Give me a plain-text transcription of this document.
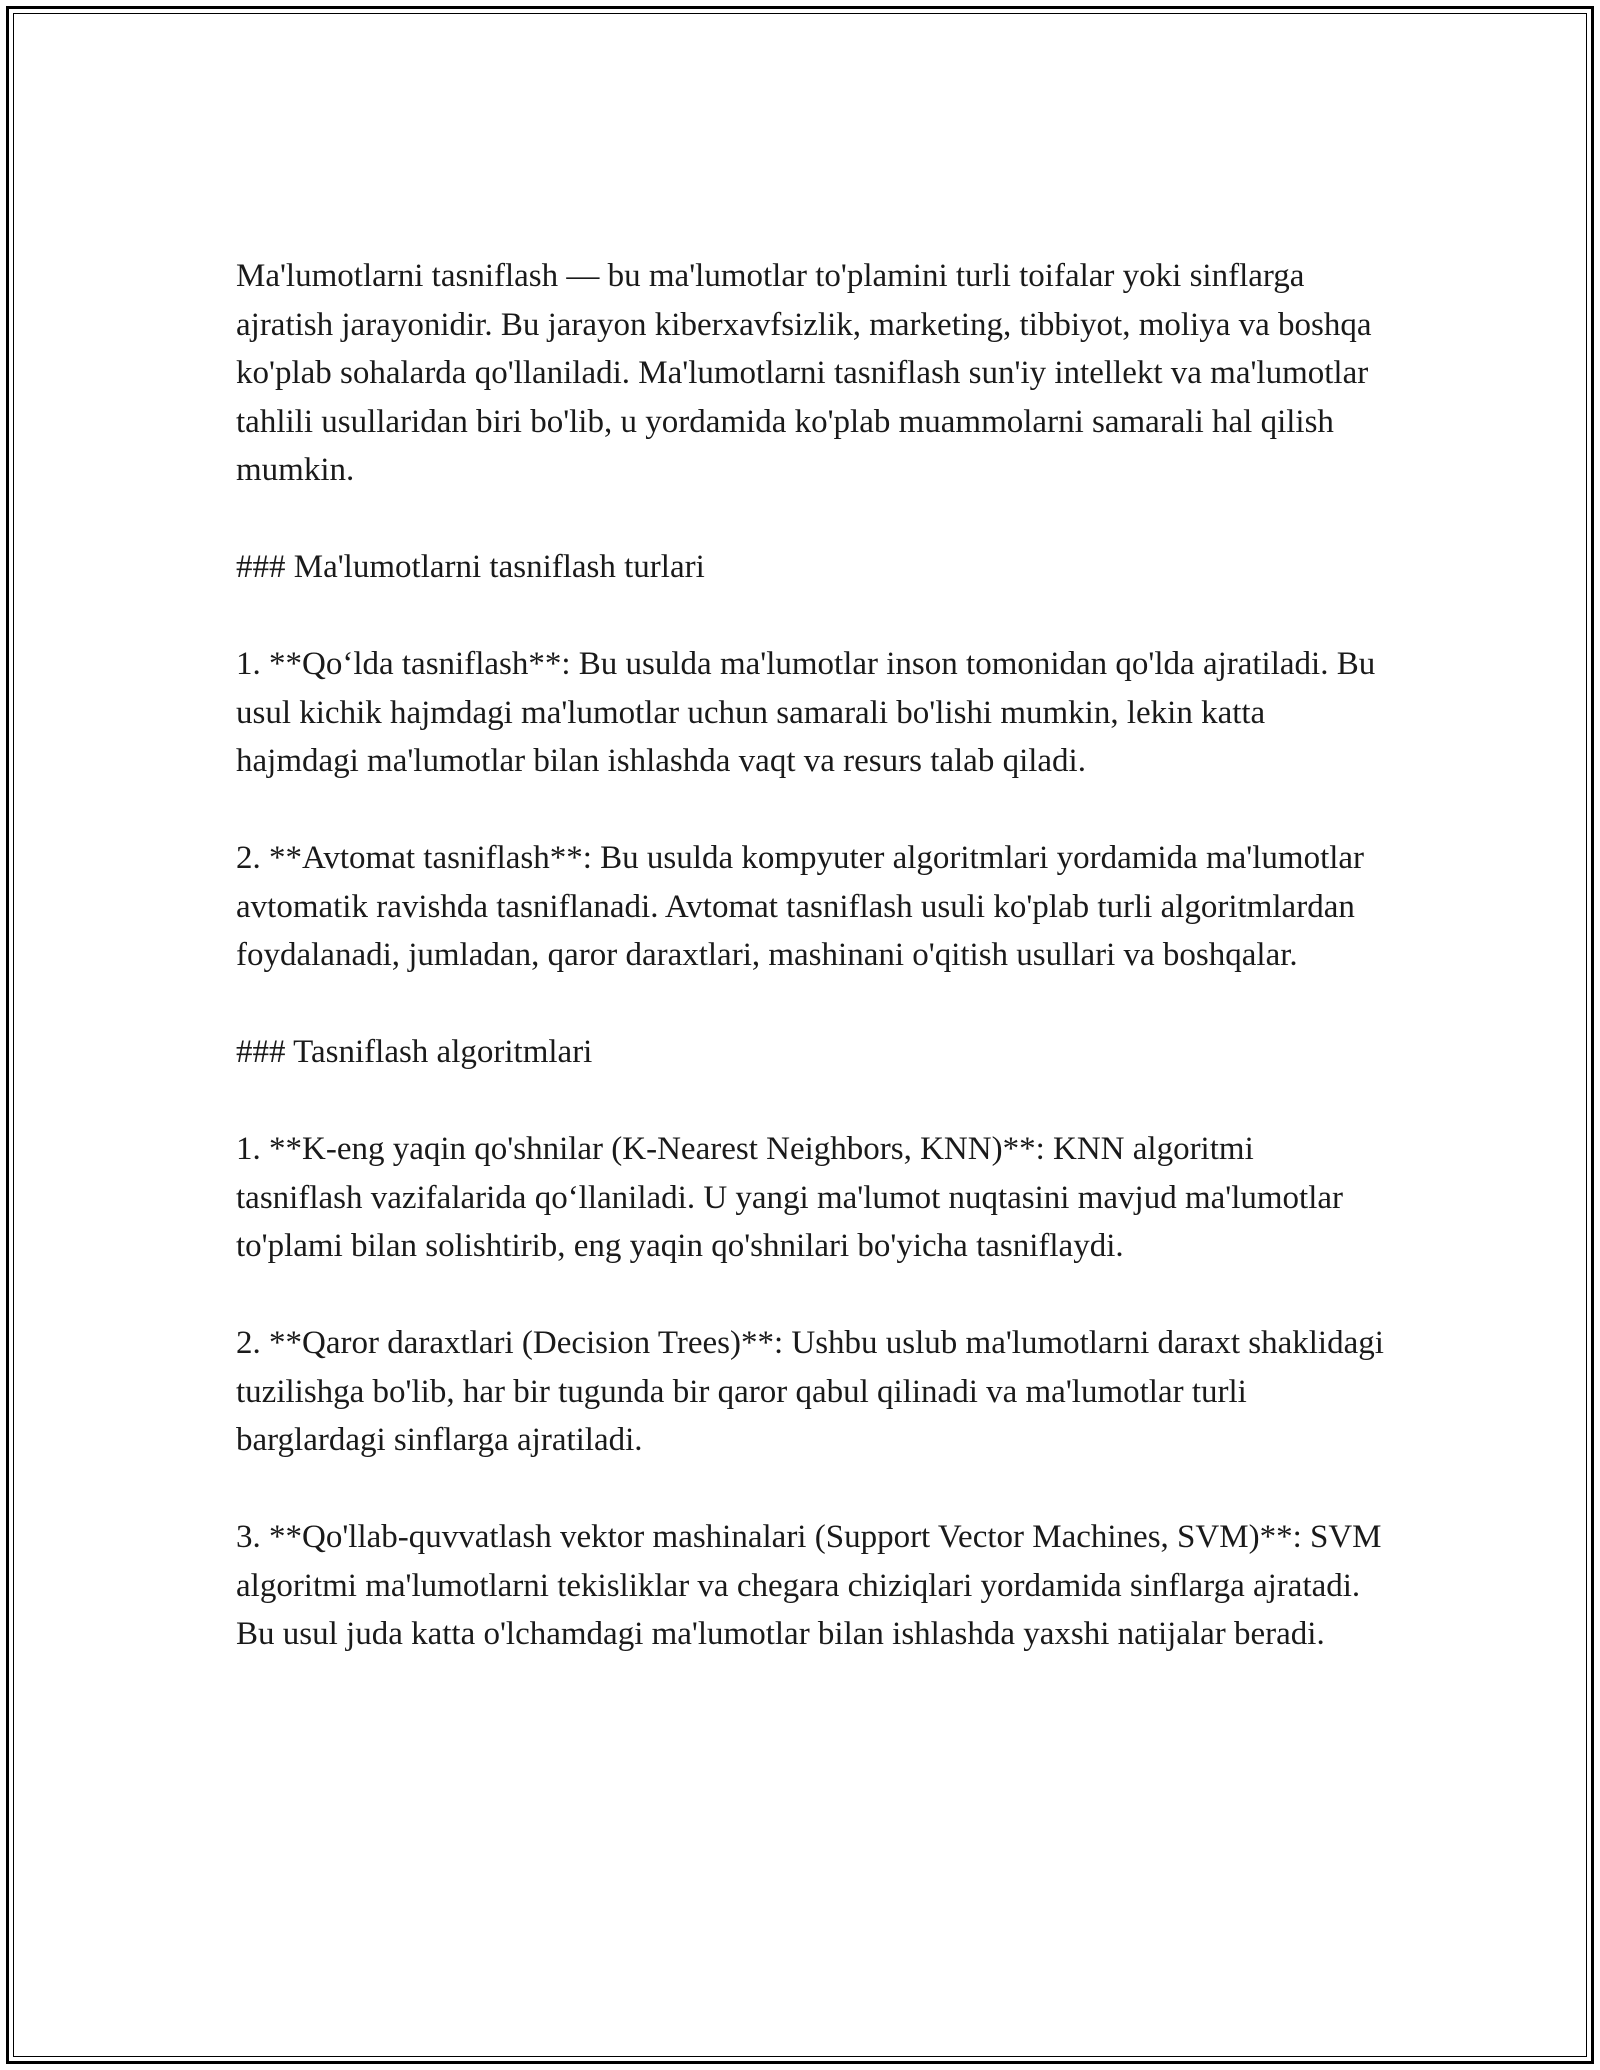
Ma'lumotlarni tasniflash — bu ma'lumotlar to'plamini turli toifalar yoki sinflarga ajratish jarayonidir. Bu jarayon kiberxavfsizlik, marketing, tibbiyot, moliya va boshqa ko'plab sohalarda qo'llaniladi. Ma'lumotlarni tasniflash sun'iy intellekt va ma'lumotlar tahlili usullaridan biri bo'lib, u yordamida ko'plab muammolarni samarali hal qilish mumkin.

### Ma'lumotlarni tasniflash turlari

1. **Qoʻlda tasniflash**: Bu usulda ma'lumotlar inson tomonidan qo'lda ajratiladi. Bu usul kichik hajmdagi ma'lumotlar uchun samarali bo'lishi mumkin, lekin katta hajmdagi ma'lumotlar bilan ishlashda vaqt va resurs talab qiladi.

2. **Avtomat tasniflash**: Bu usulda kompyuter algoritmlari yordamida ma'lumotlar avtomatik ravishda tasniflanadi. Avtomat tasniflash usuli ko'plab turli algoritmlardan foydalanadi, jumladan, qaror daraxtlari, mashinani o'qitish usullari va boshqalar.

### Tasniflash algoritmlari

1. **K-eng yaqin qo'shnilar (K-Nearest Neighbors, KNN)**: KNN algoritmi tasniflash vazifalarida qoʻllaniladi. U yangi ma'lumot nuqtasini mavjud ma'lumotlar to'plami bilan solishtirib, eng yaqin qo'shnilari bo'yicha tasniflaydi.

2. **Qaror daraxtlari (Decision Trees)**: Ushbu uslub ma'lumotlarni daraxt shaklidagi tuzilishga bo'lib, har bir tugunda bir qaror qabul qilinadi va ma'lumotlar turli barglardagi sinflarga ajratiladi.

3. **Qo'llab-quvvatlash vektor mashinalari (Support Vector Machines, SVM)**: SVM algoritmi ma'lumotlarni tekisliklar va chegara chiziqlari yordamida sinflarga ajratadi. Bu usul juda katta o'lchamdagi ma'lumotlar bilan ishlashda yaxshi natijalar beradi.
